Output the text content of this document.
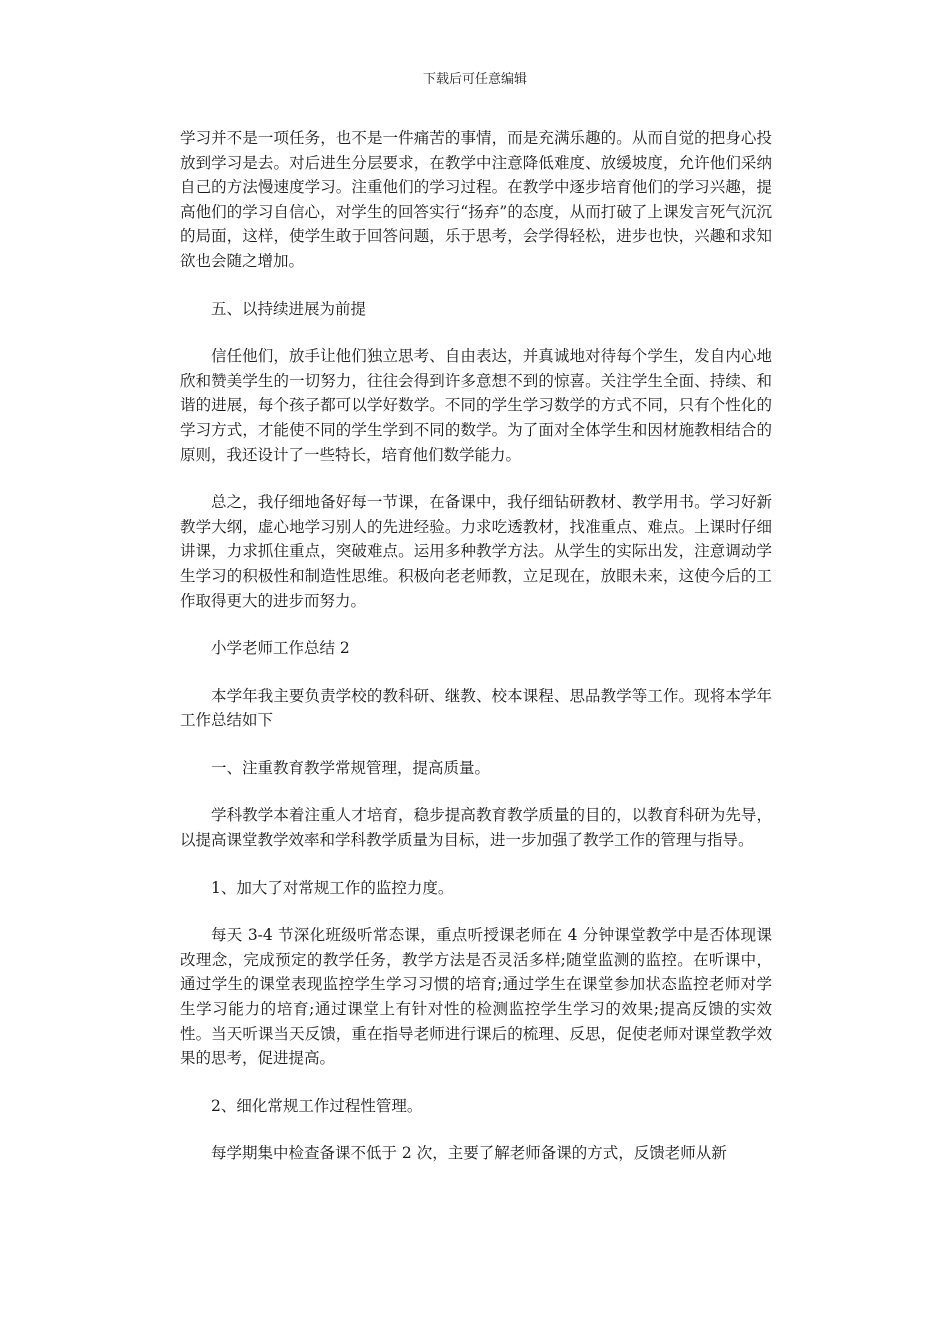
下载后可任意编辑

学习并不是一项任务，也不是一件痛苦的事情，而是充满乐趣的。从而自觉的把身心投放到学习是去。对后进生分层要求，在教学中注意降低难度、放缓坡度，允许他们采纳自己的方法慢速度学习。注重他们的学习过程。在教学中逐步培育他们的学习兴趣，提高他们的学习自信心，对学生的回答实行“扬弃”的态度，从而打破了上课发言死气沉沉的局面，这样，使学生敢于回答问题，乐于思考，会学得轻松，进步也快，兴趣和求知欲也会随之增加。

五、以持续进展为前提

信任他们，放手让他们独立思考、自由表达，并真诚地对待每个学生，发自内心地欣和赞美学生的一切努力，往往会得到许多意想不到的惊喜。关注学生全面、持续、和谐的进展，每个孩子都可以学好数学。不同的学生学习数学的方式不同，只有个性化的学习方式，才能使不同的学生学到不同的数学。为了面对全体学生和因材施教相结合的原则，我还设计了一些特长，培育他们数学能力。

总之，我仔细地备好每一节课，在备课中，我仔细钻研教材、教学用书。学习好新教学大纲，虚心地学习别人的先进经验。力求吃透教材，找准重点、难点。上课时仔细讲课，力求抓住重点，突破难点。运用多种教学方法。从学生的实际出发，注意调动学生学习的积极性和制造性思维。积极向老老师教，立足现在，放眼未来，这使今后的工作取得更大的进步而努力。

小学老师工作总结 2

本学年我主要负责学校的教科研、继教、校本课程、思品教学等工作。现将本学年工作总结如下

一、注重教育教学常规管理，提高质量。

学科教学本着注重人才培育，稳步提高教育教学质量的目的，以教育科研为先导，以提高课堂教学效率和学科教学质量为目标，进一步加强了教学工作的管理与指导。

1、加大了对常规工作的监控力度。

每天 3-4 节深化班级听常态课，重点听授课老师在 4 分钟课堂教学中是否体现课改理念，完成预定的教学任务，教学方法是否灵活多样;随堂监测的监控。在听课中，通过学生的课堂表现监控学生学习习惯的培育;通过学生在课堂参加状态监控老师对学生学习能力的培育;通过课堂上有针对性的检测监控学生学习的效果;提高反馈的实效性。当天听课当天反馈，重在指导老师进行课后的梳理、反思，促使老师对课堂教学效果的思考，促进提高。

2、细化常规工作过程性管理。

每学期集中检查备课不低于 2 次，主要了解老师备课的方式，反馈老师从新
